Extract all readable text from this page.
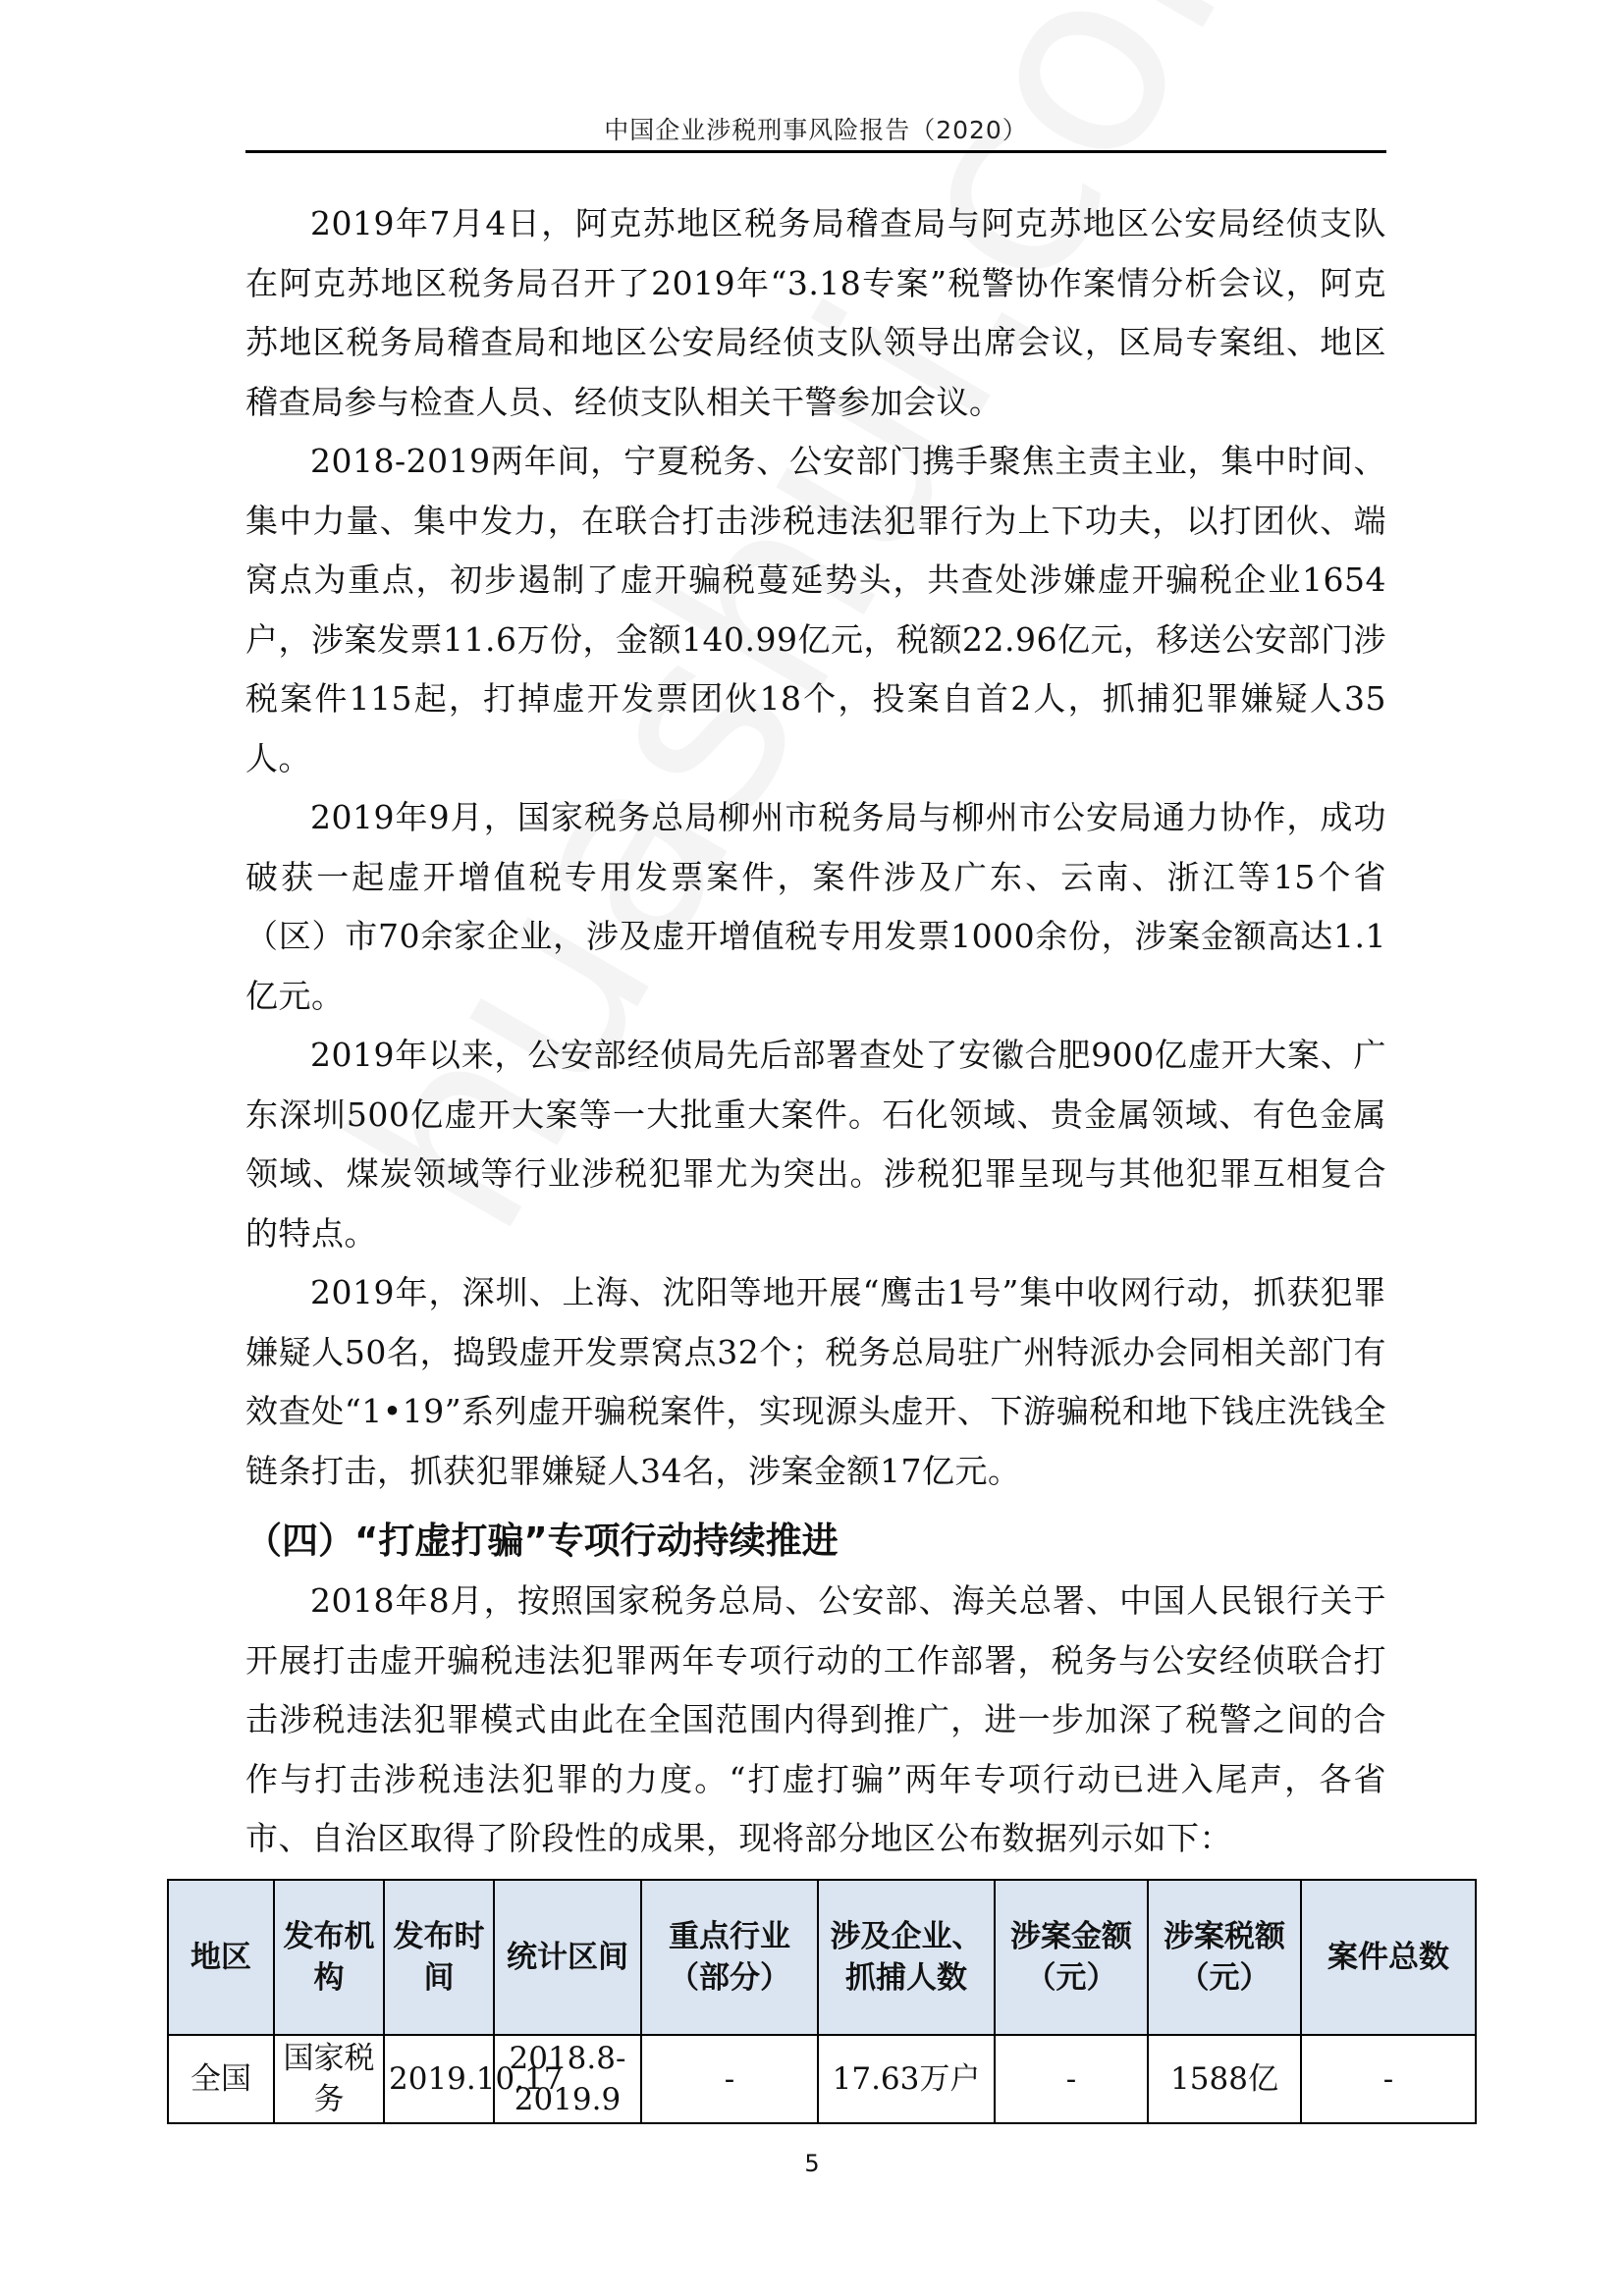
中国企业涉税刑事风险报告（2020）

2019年7月4日，阿克苏地区税务局稽查局与阿克苏地区公安局经侦支队在阿克苏地区税务局召开了2019年“3.18专案”税警协作案情分析会议，阿克苏地区税务局稽查局和地区公安局经侦支队领导出席会议，区局专案组、地区稽查局参与检查人员、经侦支队相关干警参加会议。

2018-2019两年间，宁夏税务、公安部门携手聚焦主责主业，集中时间、集中力量、集中发力，在联合打击涉税违法犯罪行为上下功夫，以打团伙、端窝点为重点，初步遏制了虚开骗税蔓延势头，共查处涉嫌虚开骗税企业1654户，涉案发票11.6万份，金额140.99亿元，税额22.96亿元，移送公安部门涉税案件115起，打掉虚开发票团伙18个，投案自首2人，抓捕犯罪嫌疑人35人。

2019年9月，国家税务总局柳州市税务局与柳州市公安局通力协作，成功破获一起虚开增值税专用发票案件，案件涉及广东、云南、浙江等15个省（区）市70余家企业，涉及虚开增值税专用发票1000余份，涉案金额高达1.1亿元。

2019年以来，公安部经侦局先后部署查处了安徽合肥900亿虚开大案、广东深圳500亿虚开大案等一大批重大案件。石化领域、贵金属领域、有色金属领域、煤炭领域等行业涉税犯罪尤为突出。涉税犯罪呈现与其他犯罪互相复合的特点。

2019年，深圳、上海、沈阳等地开展“鹰击1号”集中收网行动，抓获犯罪嫌疑人50名，捣毁虚开发票窝点32个；税务总局驻广州特派办会同相关部门有效查处“1•19”系列虚开骗税案件，实现源头虚开、下游骗税和地下钱庄洗钱全链条打击，抓获犯罪嫌疑人34名，涉案金额17亿元。

（四）“打虚打骗”专项行动持续推进

2018年8月，按照国家税务总局、公安部、海关总署、中国人民银行关于开展打击虚开骗税违法犯罪两年专项行动的工作部署，税务与公安经侦联合打击涉税违法犯罪模式由此在全国范围内得到推广，进一步加深了税警之间的合作与打击涉税违法犯罪的力度。“打虚打骗”两年专项行动已进入尾声，各省市、自治区取得了阶段性的成果，现将部分地区公布数据列示如下：

地区	发布机构	发布时间	统计区间	重点行业（部分）	涉及企业、抓捕人数	涉案金额（元）	涉案税额（元）	案件总数
全国	国家税务	2019.10.17	2018.8-2019.9	-	17.63万户	-	1588亿	-
5
